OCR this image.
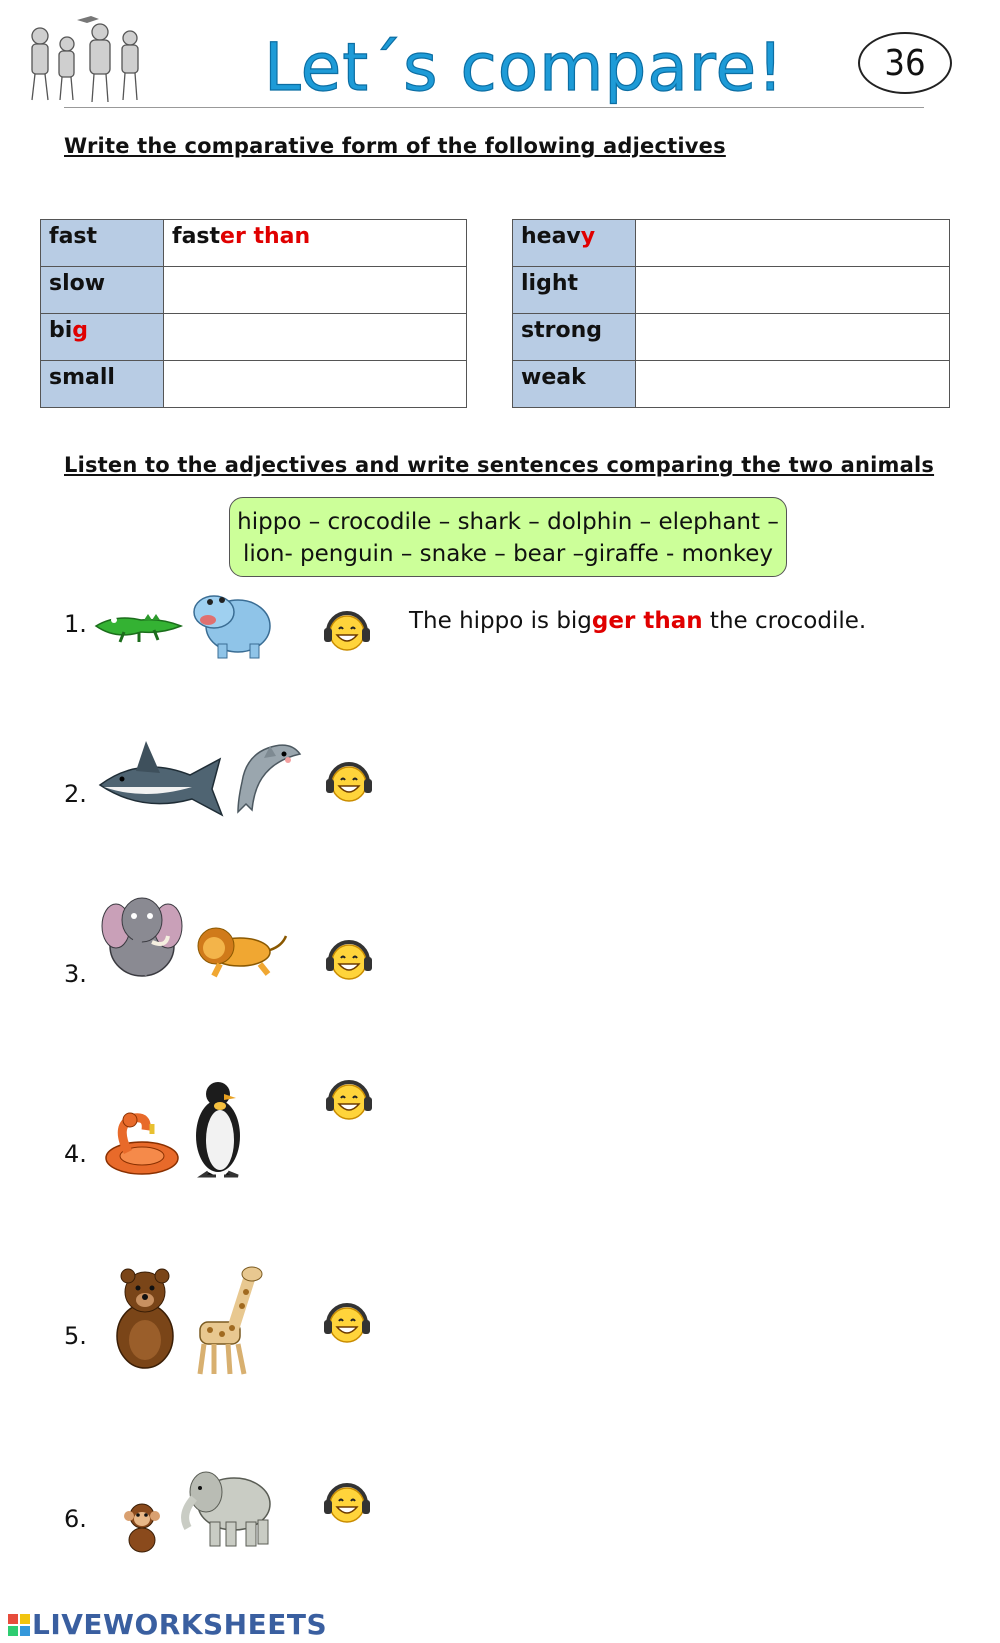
Let´s compare!	36
Write the comparative form of the following adjectives
fast	faster than
slow	
big	
small	
heavy	
light	
strong	
weak	
Listen to the adjectives and write sentences comparing the two animals
hippo – crocodile – shark – dolphin – elephant –
lion- penguin – snake – bear –giraffe - monkey
1.	The hippo is bigger than the crocodile.
2.
3.
4.
5.
6.
LIVEWORKSHEETS
